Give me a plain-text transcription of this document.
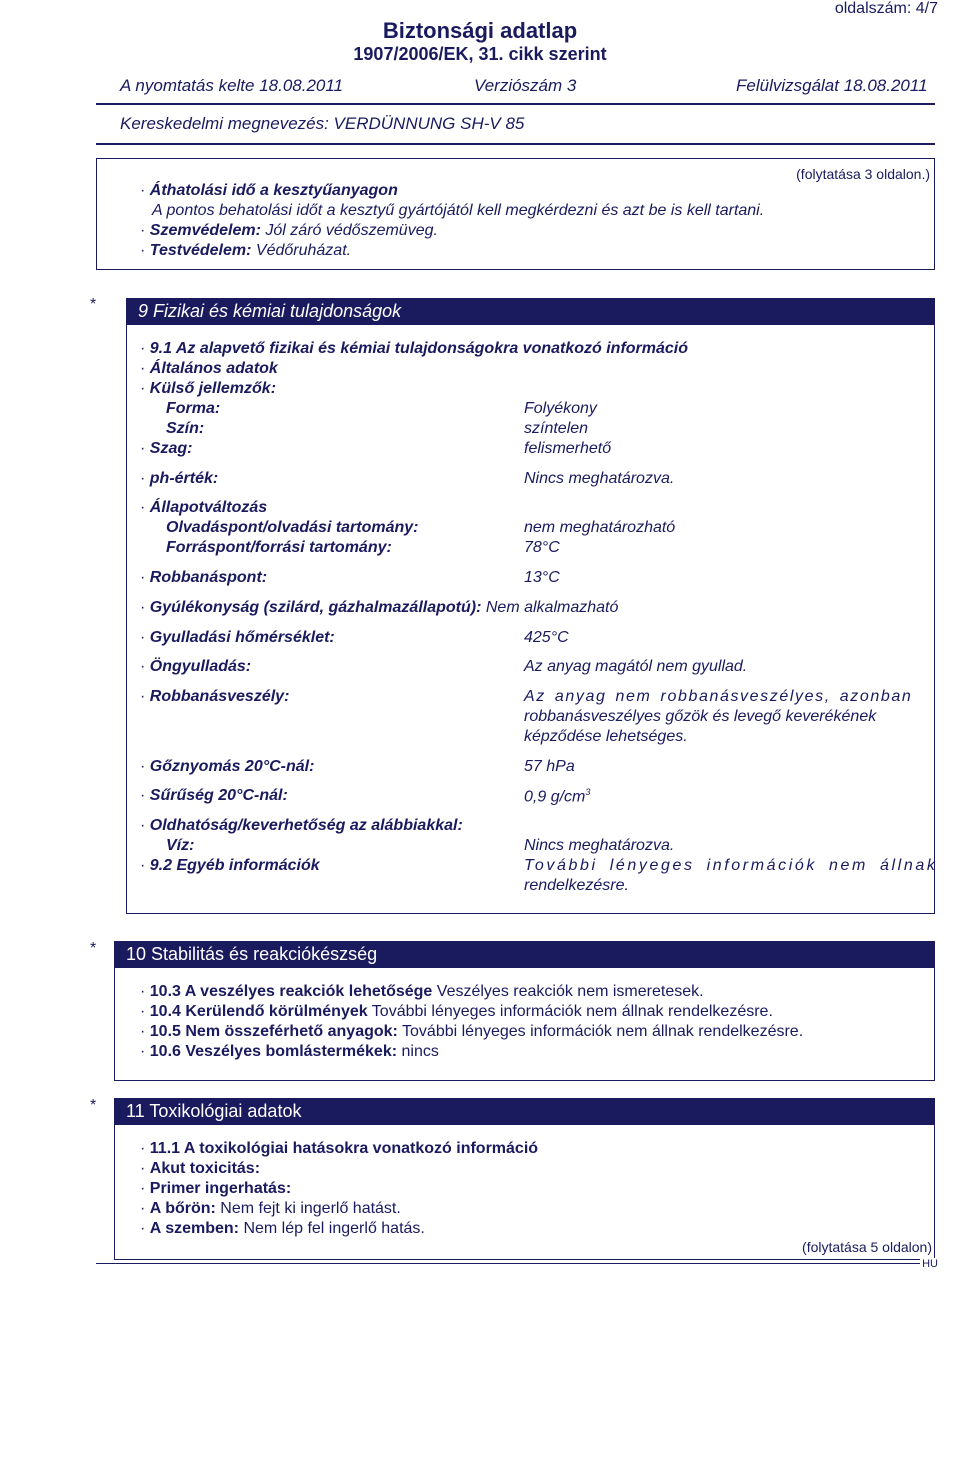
oldalszám: 4/7
Biztonsági adatlap
1907/2006/EK, 31. cikk szerint
A nyomtatás kelte 18.08.2011	Verziószám 3	Felülvizsgálat 18.08.2011
Kereskedelmi megnevezés: VERDÜNNUNG SH-V 85
(folytatása 3 oldalon.)
· Áthatolási idő a kesztyűanyagon
A pontos behatolási időt a kesztyű gyártójától kell megkérdezni és azt be is kell tartani.
· Szemvédelem: Jól záró védőszemüveg.
· Testvédelem: Védőruházat.
*	9 Fizikai és kémiai tulajdonságok
· 9.1 Az alapvető fizikai és kémiai tulajdonságokra vonatkozó információ
· Általános adatok
· Külső jellemzők:
Forma:	Folyékony
Szín:	színtelen
· Szag:	felismerhető
· ph-érték:	Nincs meghatározva.
· Állapotváltozás
Olvadáspont/olvadási tartomány:	nem meghatározható
Forráspont/forrási tartomány:	78°C
· Robbanáspont:	13°C
· Gyúlékonyság (szilárd, gázhalmazállapotú): Nem alkalmazható
· Gyulladási hőmérséklet:	425°C
· Öngyulladás:	Az anyag magától nem gyullad.
· Robbanásveszély:	Az anyag nem robbanásveszélyes, azonban
robbanásveszélyes gőzök és levegő keverékének
képződése lehetséges.
· Gőznyomás 20°C-nál:	57 hPa
· Sűrűség 20°C-nál:	0,9 $g/cm^3$
· Oldhatóság/keverhetőség az alábbiakkal:
Víz:	Nincs meghatározva.
· 9.2 Egyéb információk	További lényeges információk nem állnak
rendelkezésre.
*	10 Stabilitás és reakciókészség
· 10.3 A veszélyes reakciók lehetősége Veszélyes reakciók nem ismeretesek.
· 10.4 Kerülendő körülmények További lényeges információk nem állnak rendelkezésre.
· 10.5 Nem összeférhető anyagok: További lényeges információk nem állnak rendelkezésre.
· 10.6 Veszélyes bomlástermékek: nincs
*	11 Toxikológiai adatok
· 11.1 A toxikológiai hatásokra vonatkozó információ
· Akut toxicitás:
· Primer ingerhatás:
· A bőrön: Nem fejt ki ingerlő hatást.
· A szemben: Nem lép fel ingerlő hatás.
(folytatása 5 oldalon)
HU
